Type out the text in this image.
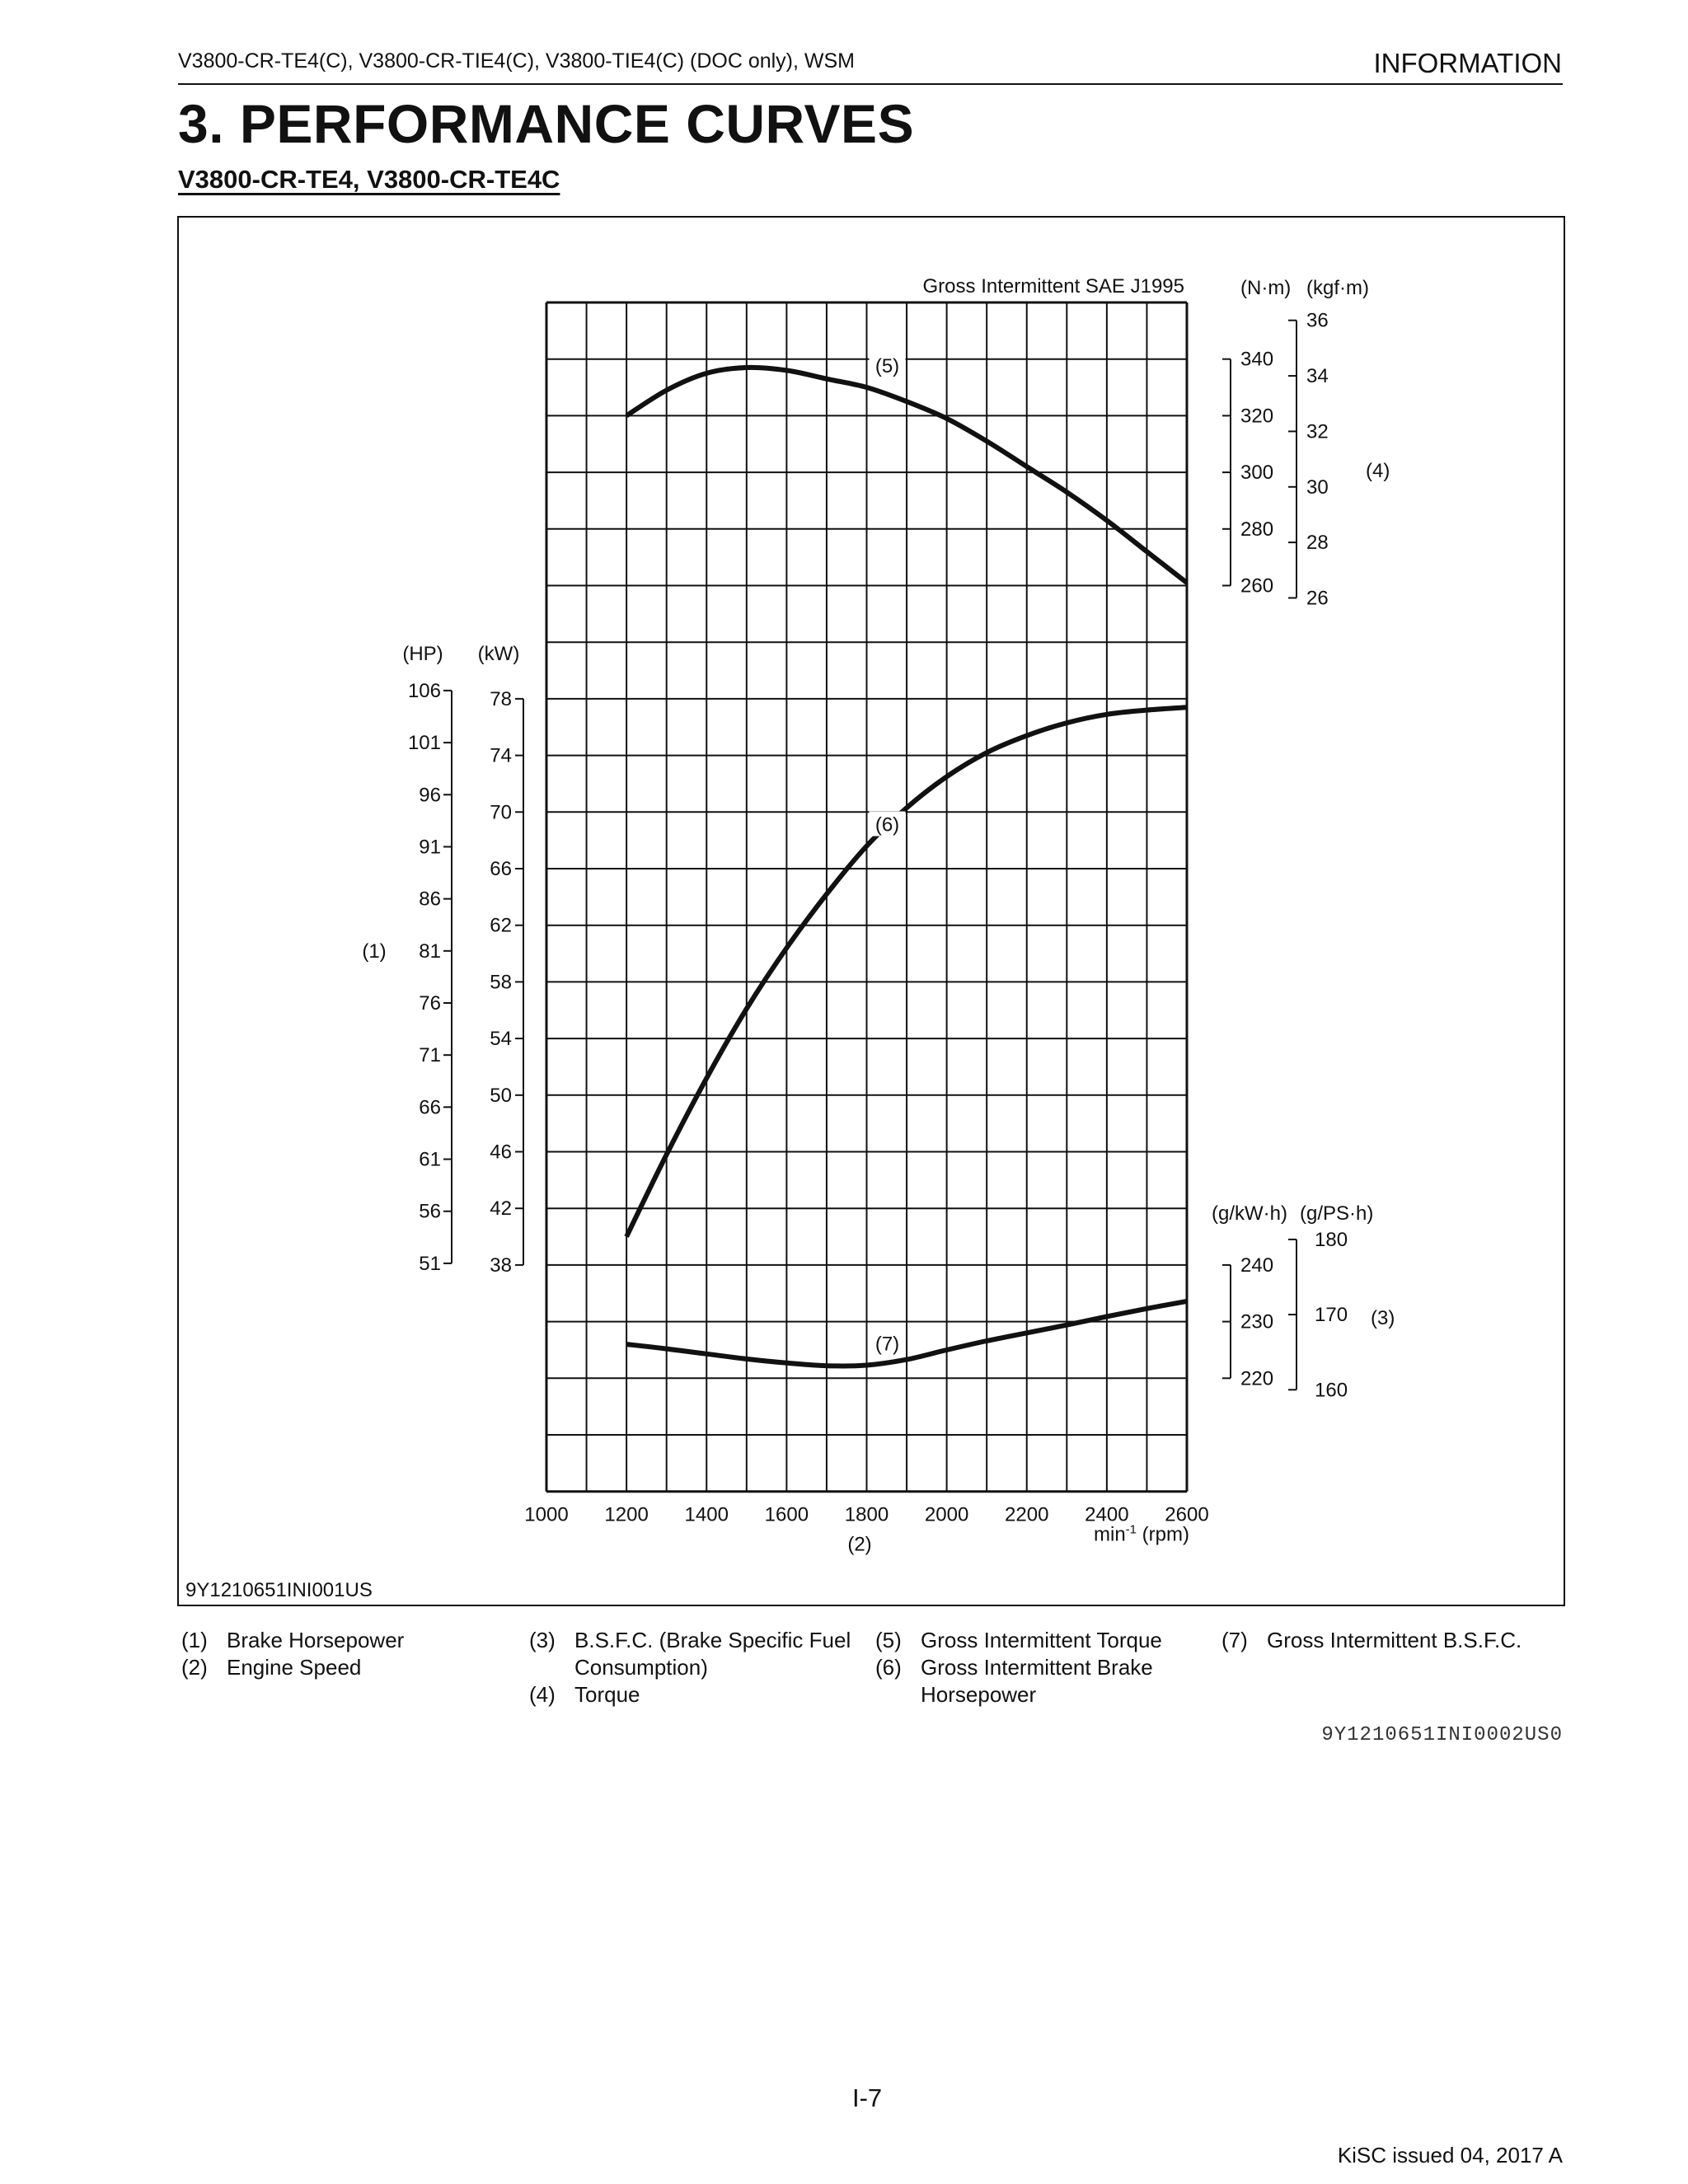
V3800-CR-TE4(C), V3800-CR-TIE4(C), V3800-TIE4(C) (DOC only), WSM	INFORMATION
3. PERFORMANCE CURVES
V3800-CR-TE4, V3800-CR-TE4C
1000 1200 1400 1600 1800 2000 2200 2400 2600
(2)	$\min^{-1} (rpm)$
Gross Intermittent SAE J1995
340
320
300
280
260
36
34
32
30
28
26
(N·m) (kgf·m)
(4)
106
101
96
91
86
81
76
71
66
61
56
51
78
74
70
66
62
58
54
50
46
42
38
(HP) (kW)
(1)
240
230
220
180
170
160
(g/kW·h) (g/PS·h)
(3)
(5)
(6)
(7)
9Y1210651INI001US
(1) Brake Horsepower
(2) Engine Speed
(3) B.S.F.C. (Brake Specific Fuel
Consumption)
(4) Torque
(5) Gross Intermittent Torque
(6) Gross Intermittent Brake
Horsepower
(7) Gross Intermittent B.S.F.C.
9Y1210651INI0002US0
I-7
KiSC issued 04, 2017 A
